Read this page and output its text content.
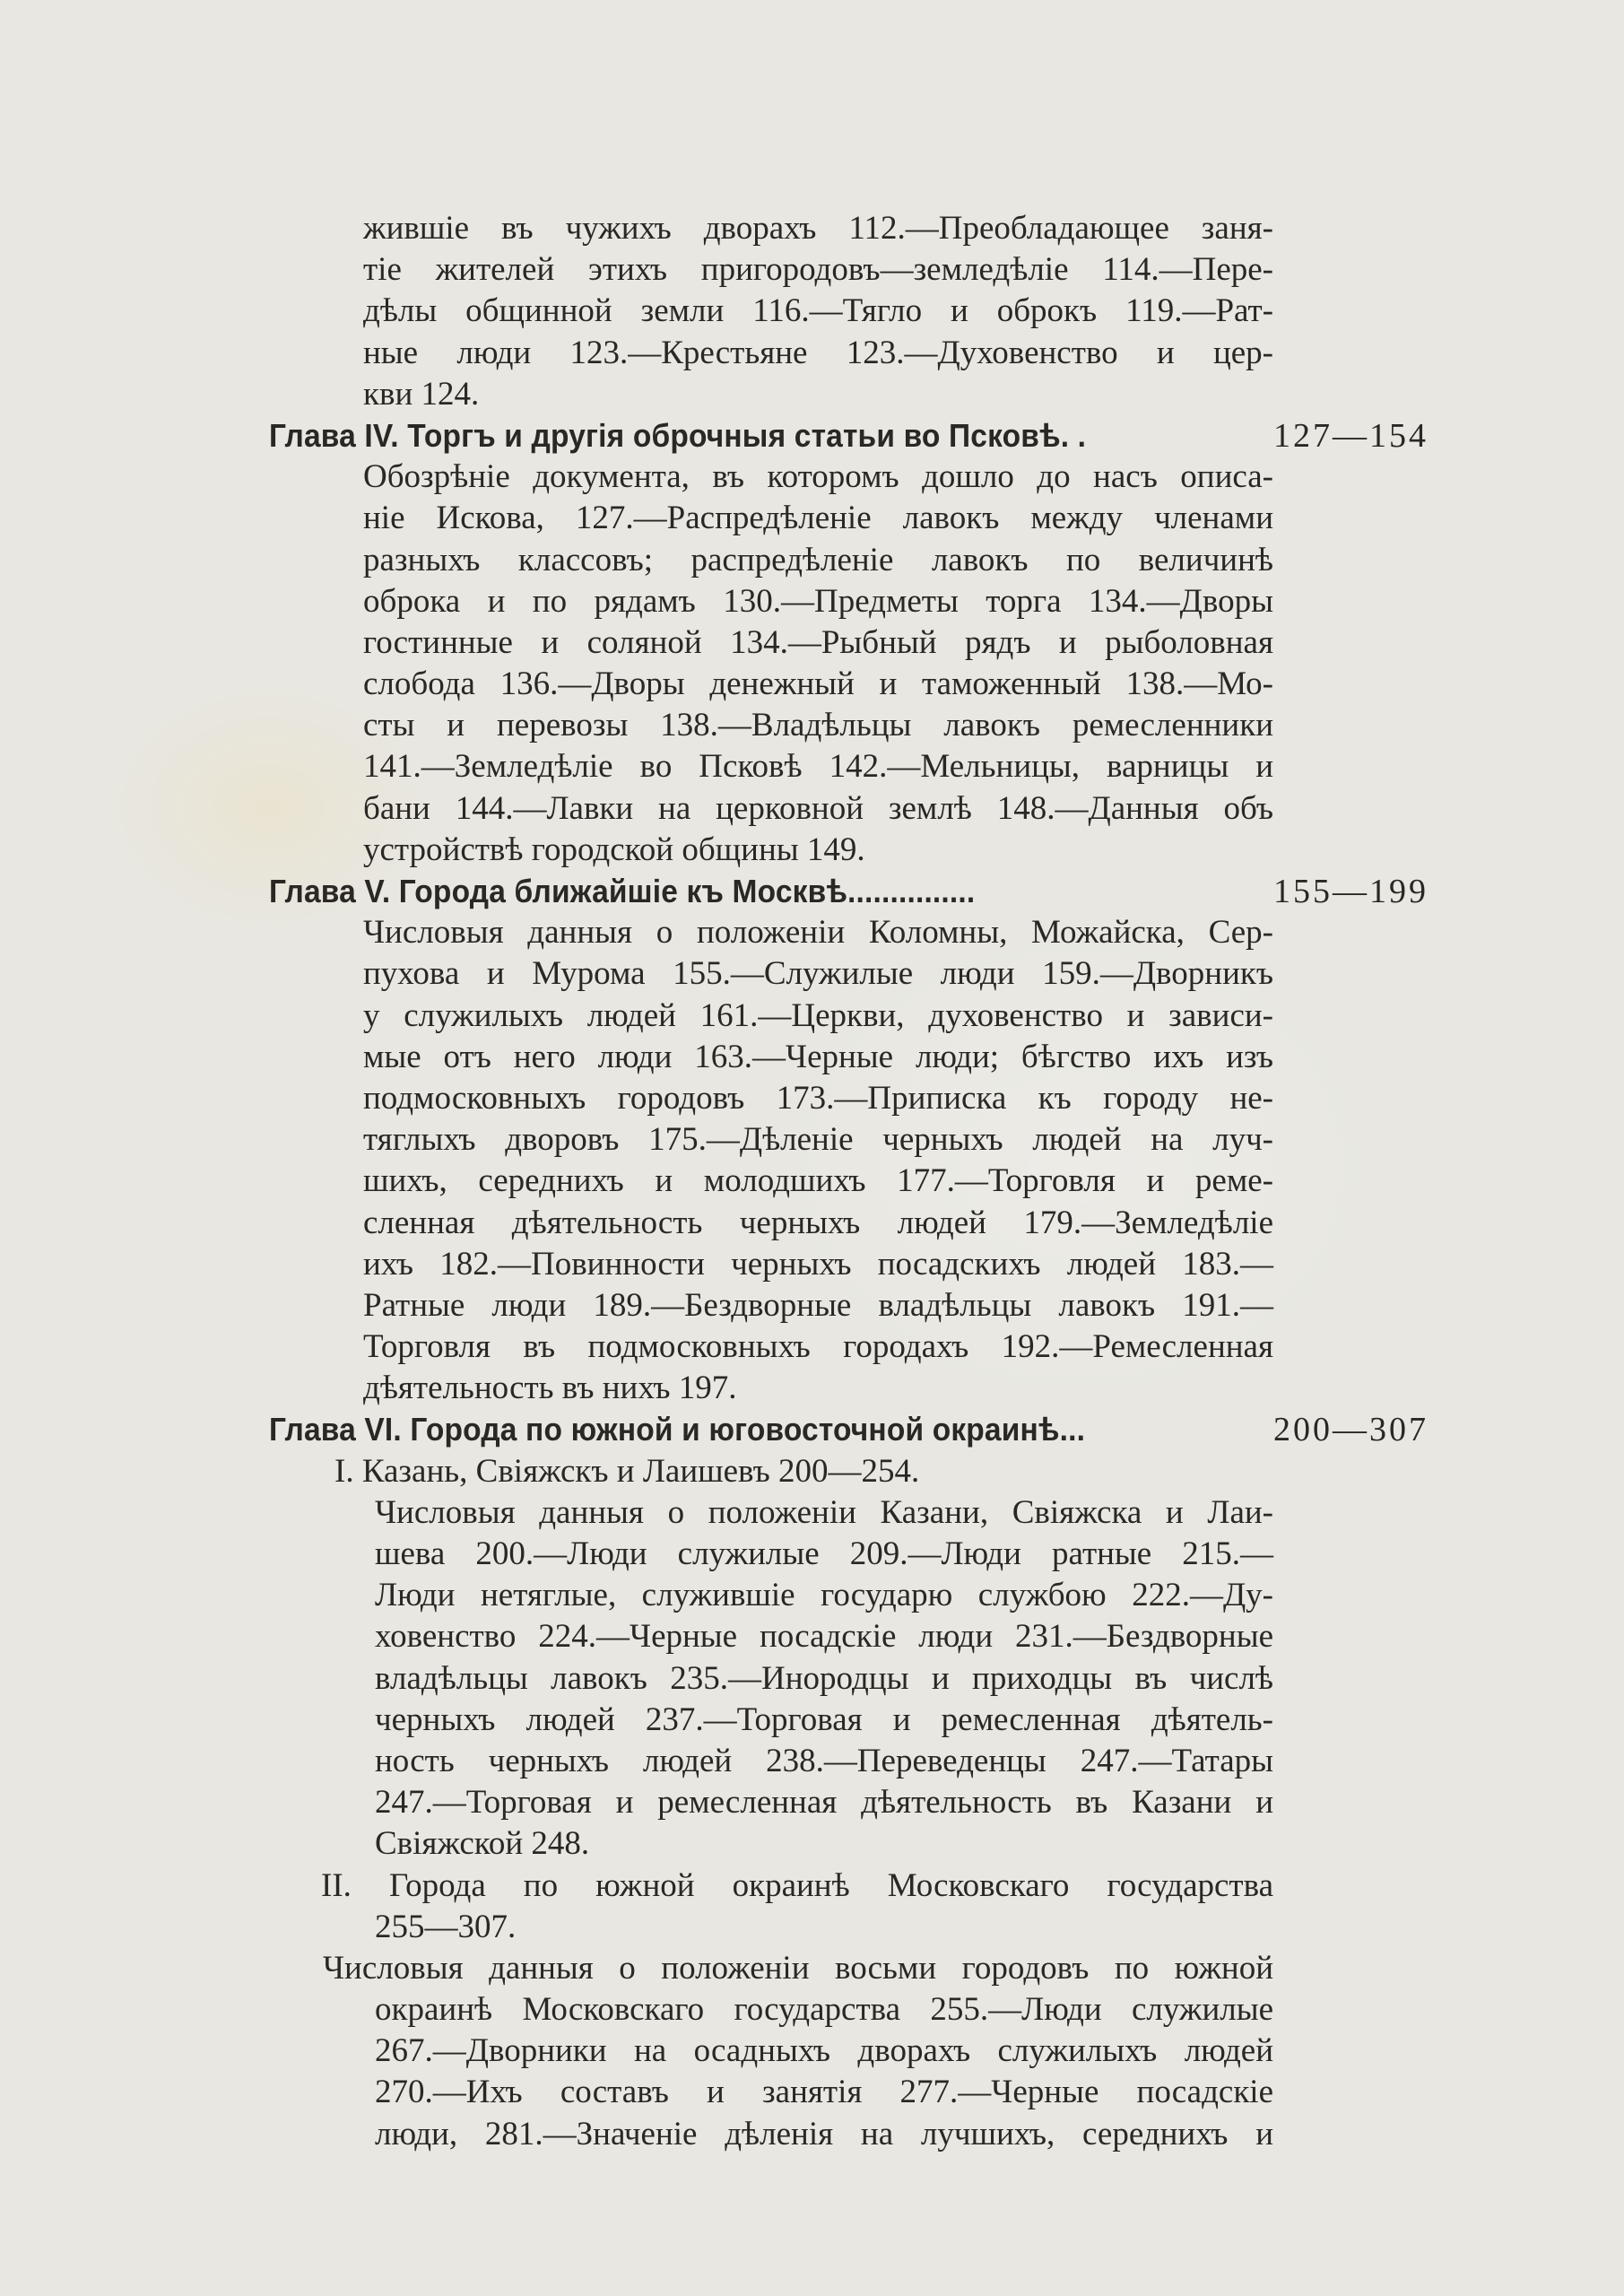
жившіе въ чужихъ дворахъ 112.—Преобладающее заня-
тіе жителей этихъ пригородовъ—земледѣліе 114.—Пере-
дѣлы общинной земли 116.—Тягло и оброкъ 119.—Рат-
ные люди 123.—Крестьяне 123.—Духовенство и цер-
кви 124.
Глава IV. Торгъ и другія оброчныя статьи во Псковѣ. .	127—154
Обозрѣніе документа, въ которомъ дошло до насъ описа-
ніе Искова, 127.—Распредѣленіе лавокъ между членами
разныхъ классовъ; распредѣленіе лавокъ по величинѣ
оброка и по рядамъ 130.—Предметы торга 134.—Дворы
гостинные и соляной 134.—Рыбный рядъ и рыболовная
слобода 136.—Дворы денежный и таможенный 138.—Мо-
сты и перевозы 138.—Владѣльцы лавокъ ремесленники
141.—Земледѣліе во Псковѣ 142.—Мельницы, варницы и
бани 144.—Лавки на церковной землѣ 148.—Данныя объ
устройствѣ городской общины 149.
Глава V. Города ближайшіе къ Москвѣ...............	155—199
Числовыя данныя о положеніи Коломны, Можайска, Сер-
пухова и Мурома 155.—Служилые люди 159.—Дворникъ
у служилыхъ людей 161.—Церкви, духовенство и зависи-
мые отъ него люди 163.—Черные люди; бѣгство ихъ изъ
подмосковныхъ городовъ 173.—Приписка къ городу не-
тяглыхъ дворовъ 175.—Дѣленіе черныхъ людей на луч-
шихъ, середнихъ и молодшихъ 177.—Торговля и реме-
сленная дѣятельность черныхъ людей 179.—Земледѣліе
ихъ 182.—Повинности черныхъ посадскихъ людей 183.—
Ратные люди 189.—Бездворные владѣльцы лавокъ 191.—
Торговля въ подмосковныхъ городахъ 192.—Ремесленная
дѣятельность въ нихъ 197.
Глава VI. Города по южной и юговосточной окраинѣ...	200—307
I. Казань, Свіяжскъ и Лаишевъ 200—254.
Числовыя данныя о положеніи Казани, Свіяжска и Лаи-
шева 200.—Люди служилые 209.—Люди ратные 215.—
Люди нетяглые, служившіе государю службою 222.—Ду-
ховенство 224.—Черные посадскіе люди 231.—Бездворные
владѣльцы лавокъ 235.—Инородцы и приходцы въ числѣ
черныхъ людей 237.—Торговая и ремесленная дѣятель-
ность черныхъ людей 238.—Переведенцы 247.—Татары
247.—Торговая и ремесленная дѣятельность въ Казани и
Свіяжской 248.
II. Города по южной окраинѣ Московскаго государства
255—307.
Числовыя данныя о положеніи восьми городовъ по южной
окраинѣ Московскаго государства 255.—Люди служилые
267.—Дворники на осадныхъ дворахъ служилыхъ людей
270.—Ихъ составъ и занятія 277.—Черные посадскіе
люди, 281.—Значеніе дѣленія на лучшихъ, середнихъ и
